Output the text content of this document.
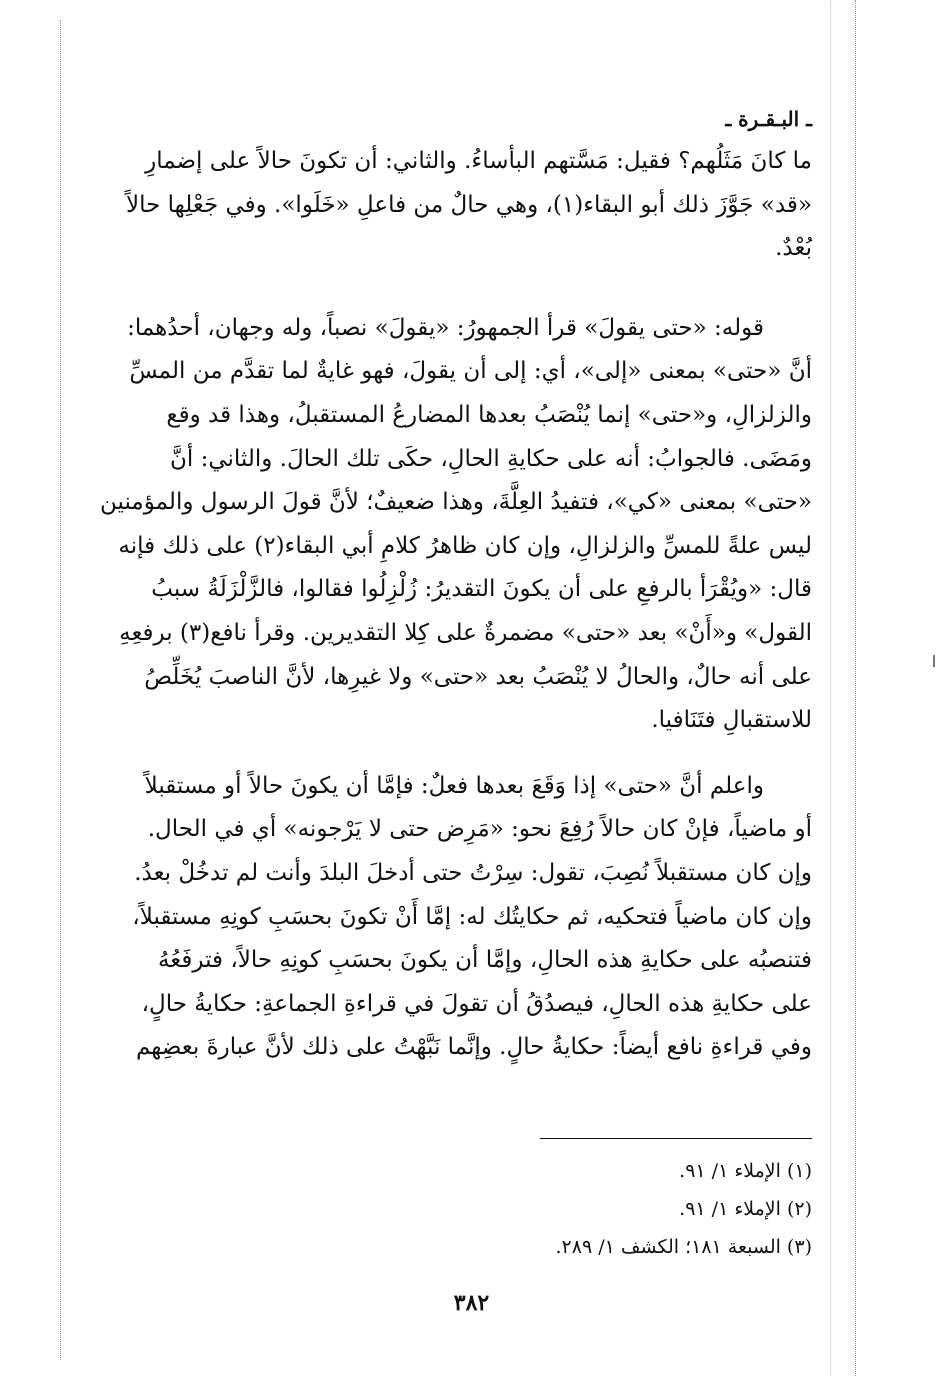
ـ البـقـرة ـ

ما كانَ مَثَلُهم؟ فقيل: مَسَّتهم البأساءُ. والثاني: أن تكونَ حالاً على إضمارِ

«قد» جَوَّزَ ذلك أبو البقاء(١)، وهي حالٌ من فاعلِ «خَلَوا». وفي جَعْلِها حالاً

بُعْدٌ.

قوله: «حتى يقولَ» قرأ الجمهورُ: «يقولَ» نصباً، وله وجهان، أحدُهما:

أنَّ «حتى» بمعنى «إلى»، أي: إلى أن يقولَ، فهو غايةٌ لما تقدَّم من المسِّ

والزلزالِ، و«حتى» إنما يُنْصَبُ بعدها المضارعُ المستقبلُ، وهذا قد وقع

ومَضَى. فالجوابُ: أنه على حكايةِ الحالِ، حكَى تلك الحالَ. والثاني: أنَّ

«حتى» بمعنى «كي»، فتفيدُ العِلَّةَ، وهذا ضعيفٌ؛ لأنَّ قولَ الرسول والمؤمنين

ليس علةً للمسِّ والزلزالِ، وإن كان ظاهرُ كلامِ أبي البقاء(٢) على ذلك فإنه

قال: «ويُقْرَأ بالرفعِ على أن يكونَ التقديرُ: زُلْزِلُوا فقالوا، فالزَّلْزَلَةُ سببُ

القول» و«أَنْ» بعد «حتى» مضمرةٌ على كِلا التقديرين. وقرأ نافع(٣) برفعِهِ

على أنه حالٌ، والحالُ لا يُنْصَبُ بعد «حتى» ولا غيرِها، لأنَّ الناصبَ يُخَلِّصُ

للاستقبالِ فتَنَافيا.

واعلم أنَّ «حتى» إذا وَقَعَ بعدها فعلٌ: فإمَّا أن يكونَ حالاً أو مستقبلاً

أو ماضياً، فإنْ كان حالاً رُفِعَ نحو: «مَرِض حتى لا يَرْجونه» أي في الحال.

وإن كان مستقبلاً نُصِبَ، تقول: سِرْتُ حتى أدخلَ البلدَ وأنت لم تدخُلْ بعدُ.

وإن كان ماضياً فتحكيه، ثم حكايتُك له: إمَّا أَنْ تكونَ بحسَبِ كونِهِ مستقبلاً،

فتنصبُه على حكايةِ هذه الحالِ، وإمَّا أن يكونَ بحسَبِ كونِهِ حالاً، فترفَعُهُ

على حكايةِ هذه الحالِ، فيصدُقُ أن تقولَ في قراءةِ الجماعةِ: حكايةُ حالٍ،

وفي قراءةِ نافع أيضاً: حكايةُ حالٍ. وإنَّما نَبَّهْتُ على ذلك لأنَّ عبارةَ بعضِهم

(١) الإملاء ١/ ٩١.
(٢) الإملاء ١/ ٩١.
(٣) السبعة ١٨١؛ الكشف ١/ ٢٨٩.
٣٨٢
